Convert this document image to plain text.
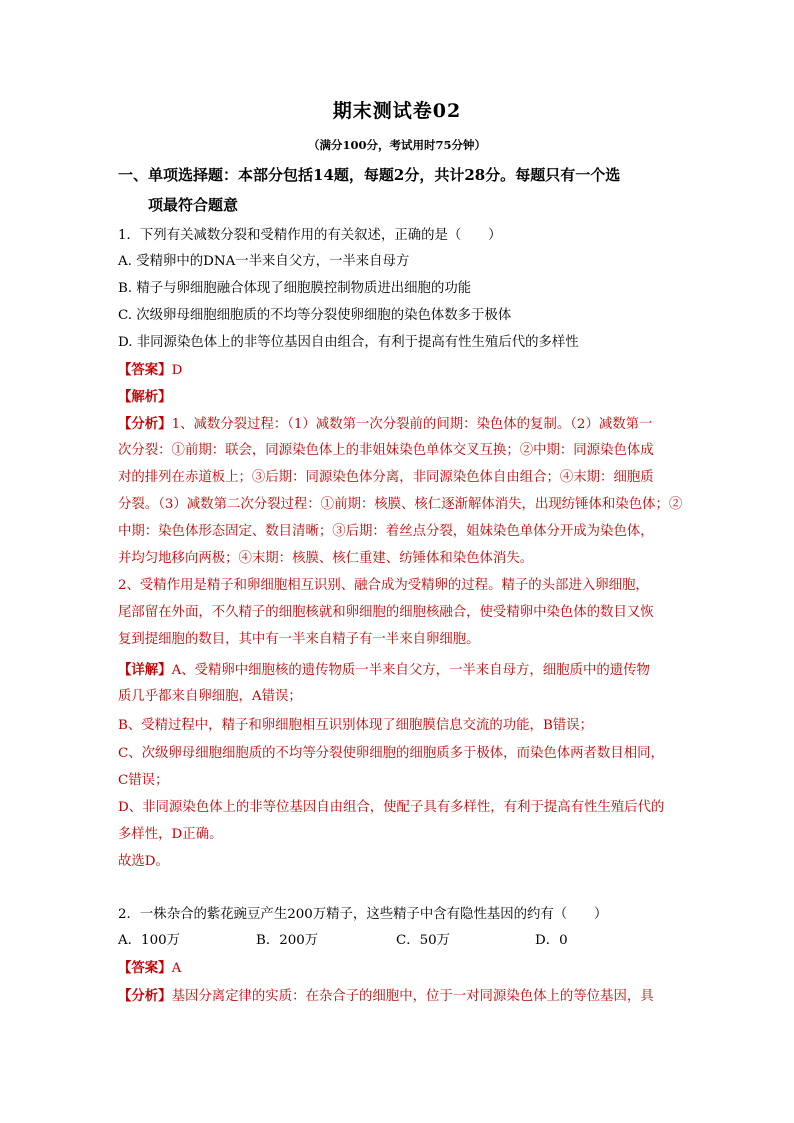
期末测试卷02
（满分100分，考试用时75分钟）
一、单项选择题：本部分包括14题，每题2分，共计28分。每题只有一个选
项最符合题意
1．下列有关减数分裂和受精作用的有关叙述，正确的是（　　）
A. 受精卵中的DNA一半来自父方，一半来自母方
B. 精子与卵细胞融合体现了细胞膜控制物质进出细胞的功能
C. 次级卵母细胞细胞质的不均等分裂使卵细胞的染色体数多于极体
D. 非同源染色体上的非等位基因自由组合，有利于提高有性生殖后代的多样性
【答案】D
【解析】
【分析】1、减数分裂过程：（1）减数第一次分裂前的间期：染色体的复制。（2）减数第一
次分裂：①前期：联会，同源染色体上的非姐妹染色单体交叉互换；②中期：同源染色体成
对的排列在赤道板上；③后期：同源染色体分离，非同源染色体自由组合；④末期：细胞质
分裂。（3）减数第二次分裂过程：①前期：核膜、核仁逐渐解体消失，出现纺锤体和染色体；②
中期：染色体形态固定、数目清晰；③后期：着丝点分裂，姐妹染色单体分开成为染色体，
并均匀地移向两极；④末期：核膜、核仁重建、纺锤体和染色体消失。
2、受精作用是精子和卵细胞相互识别、融合成为受精卵的过程。精子的头部进入卵细胞，
尾部留在外面，不久精子的细胞核就和卵细胞的细胞核融合，使受精卵中染色体的数目又恢
复到提细胞的数目，其中有一半来自精子有一半来自卵细胞。
【详解】A、受精卵中细胞核的遗传物质一半来自父方，一半来自母方，细胞质中的遗传物
质几乎都来自卵细胞，A错误；
B、受精过程中，精子和卵细胞相互识别体现了细胞膜信息交流的功能，B错误；
C、次级卵母细胞细胞质的不均等分裂使卵细胞的细胞质多于极体，而染色体两者数目相同，
C错误；
D、非同源染色体上的非等位基因自由组合，使配子具有多样性，有利于提高有性生殖后代的
多样性，D正确。
故选D。
2．一株杂合的紫花豌豆产生200万精子，这些精子中含有隐性基因的约有（　　）
A．100万	B．200万	C．50万	D．0
【答案】A
【分析】基因分离定律的实质：在杂合子的细胞中，位于一对同源染色体上的等位基因，具
